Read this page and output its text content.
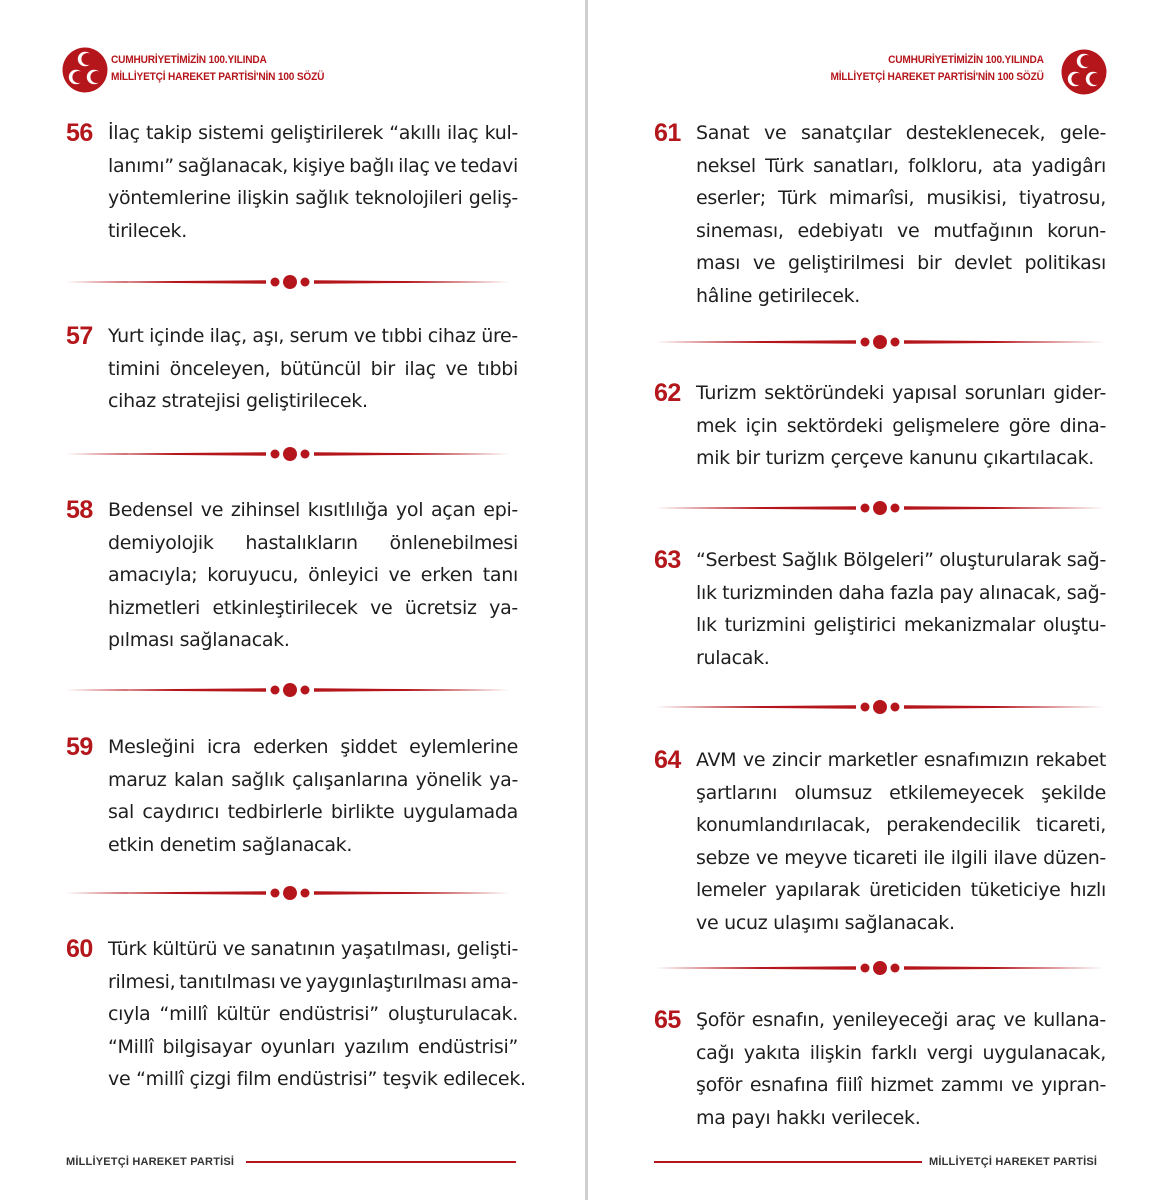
CUMHURİYETİMİZİN 100.YILINDA
MİLLİYETÇİ HAREKET PARTİSİ'NİN 100 SÖZÜ
CUMHURİYETİMİZİN 100.YILINDA
MİLLİYETÇİ HAREKET PARTİSİ'NİN 100 SÖZÜ
56 İlaç takip sistemi geliştirilerek “akıllı ilaç kul-
lanımı” sağlanacak, kişiye bağlı ilaç ve tedavi
yöntemlerine ilişkin sağlık teknolojileri geliş-
tirilecek.
57 Yurt içinde ilaç, aşı, serum ve tıbbi cihaz üre-
timini önceleyen, bütüncül bir ilaç ve tıbbi
cihaz stratejisi geliştirilecek.
58 Bedensel ve zihinsel kısıtlılığa yol açan epi-
demiyolojik hastalıkların önlenebilmesi
amacıyla; koruyucu, önleyici ve erken tanı
hizmetleri etkinleştirilecek ve ücretsiz ya-
pılması sağlanacak.
59 Mesleğini icra ederken şiddet eylemlerine
maruz kalan sağlık çalışanlarına yönelik ya-
sal caydırıcı tedbirlerle birlikte uygulamada
etkin denetim sağlanacak.
60 Türk kültürü ve sanatının yaşatılması, gelişti-
rilmesi, tanıtılması ve yaygınlaştırılması ama-
cıyla “millî kültür endüstrisi” oluşturulacak.
“Millî bilgisayar oyunları yazılım endüstrisi”
ve “millî çizgi film endüstrisi” teşvik edilecek.
61 Sanat ve sanatçılar desteklenecek, gele-
neksel Türk sanatları, folkloru, ata yadigârı
eserler; Türk mimarîsi, musikisi, tiyatrosu,
sineması, edebiyatı ve mutfağının korun-
ması ve geliştirilmesi bir devlet politikası
hâline getirilecek.
62 Turizm sektöründeki yapısal sorunları gider-
mek için sektördeki gelişmelere göre dina-
mik bir turizm çerçeve kanunu çıkartılacak.
63 “Serbest Sağlık Bölgeleri” oluşturularak sağ-
lık turizminden daha fazla pay alınacak, sağ-
lık turizmini geliştirici mekanizmalar oluştu-
rulacak.
64 AVM ve zincir marketler esnafımızın rekabet
şartlarını olumsuz etkilemeyecek şekilde
konumlandırılacak, perakendecilik ticareti,
sebze ve meyve ticareti ile ilgili ilave düzen-
lemeler yapılarak üreticiden tüketiciye hızlı
ve ucuz ulaşımı sağlanacak.
65 Şoför esnafın, yenileyeceği araç ve kullana-
cağı yakıta ilişkin farklı vergi uygulanacak,
şoför esnafına fiilî hizmet zammı ve yıpran-
ma payı hakkı verilecek.
MİLLİYETÇİ HAREKET PARTİSİ	MİLLİYETÇİ HAREKET PARTİSİ
